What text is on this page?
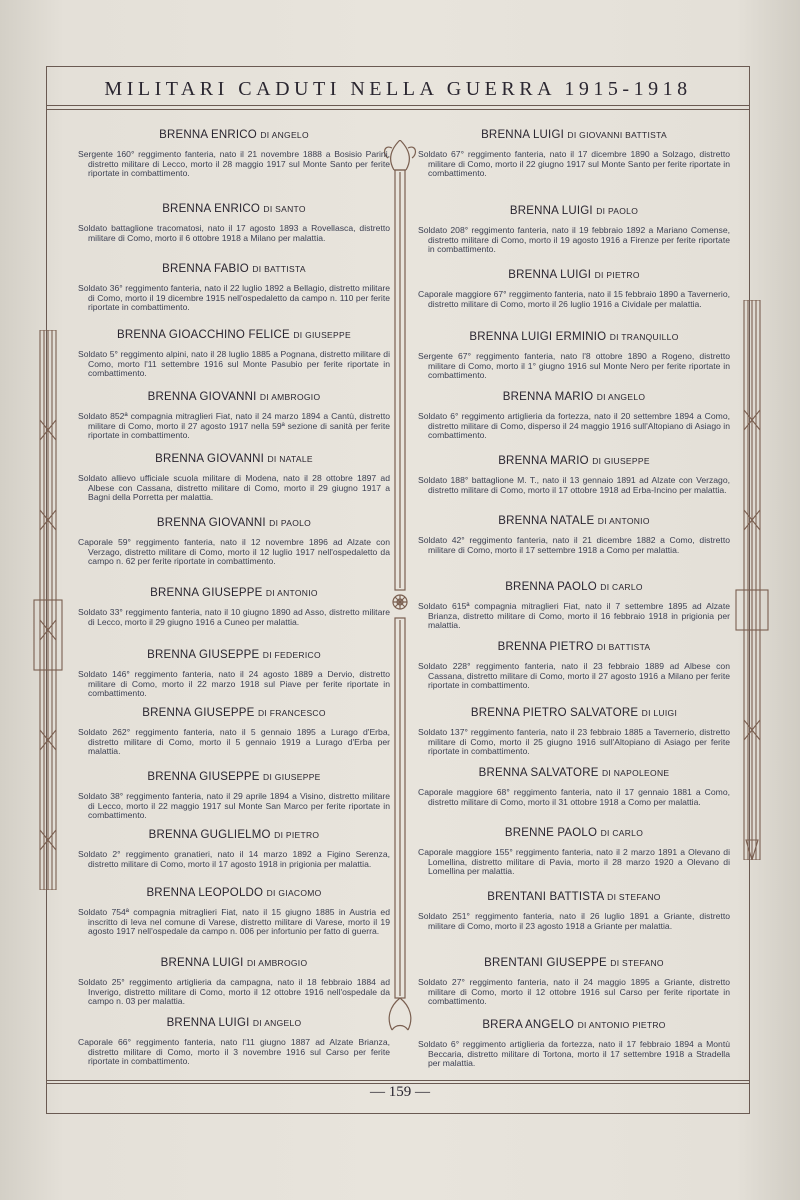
MILITARI CADUTI NELLA GUERRA 1915-1918
BRENNA ENRICO DI ANGELO
Sergente 160° reggimento fanteria, nato il 21 novembre 1888 a Bosisio Parini, distretto militare di Lecco, morto il 28 maggio 1917 sul Monte Santo per ferite riportate in combattimento.
BRENNA ENRICO DI SANTO
Soldato battaglione tracomatosi, nato il 17 agosto 1893 a Rovellasca, distretto militare di Como, morto il 6 ottobre 1918 a Milano per malattia.
BRENNA FABIO DI BATTISTA
Soldato 36° reggimento fanteria, nato il 22 luglio 1892 a Bellagio, distretto militare di Como, morto il 19 dicembre 1915 nell'ospedaletto da campo n. 110 per ferite riportate in combattimento.
BRENNA GIOACCHINO FELICE DI GIUSEPPE
Soldato 5° reggimento alpini, nato il 28 luglio 1885 a Pognana, distretto militare di Como, morto l'11 settembre 1916 sul Monte Pasubio per ferite riportate in combattimento.
BRENNA GIOVANNI DI AMBROGIO
Soldato 852ª compagnia mitraglieri Fiat, nato il 24 marzo 1894 a Cantù, distretto militare di Como, morto il 27 agosto 1917 nella 59ª sezione di sanità per ferite riportate in combattimento.
BRENNA GIOVANNI DI NATALE
Soldato allievo ufficiale scuola militare di Modena, nato il 28 ottobre 1897 ad Albese con Cassana, distretto militare di Como, morto il 29 giugno 1917 a Bagni della Porretta per malattia.
BRENNA GIOVANNI DI PAOLO
Caporale 59° reggimento fanteria, nato il 12 novembre 1896 ad Alzate con Verzago, distretto militare di Como, morto il 12 luglio 1917 nell'ospedaletto da campo n. 62 per ferite riportate in combattimento.
BRENNA GIUSEPPE DI ANTONIO
Soldato 33° reggimento fanteria, nato il 10 giugno 1890 ad Asso, distretto militare di Lecco, morto il 29 giugno 1916 a Cuneo per malattia.
BRENNA GIUSEPPE DI FEDERICO
Soldato 146° reggimento fanteria, nato il 24 agosto 1889 a Dervio, distretto militare di Como, morto il 22 marzo 1918 sul Piave per ferite riportate in combattimento.
BRENNA GIUSEPPE DI FRANCESCO
Soldato 262° reggimento fanteria, nato il 5 gennaio 1895 a Lurago d'Erba, distretto militare di Como, morto il 5 gennaio 1919 a Lurago d'Erba per malattia.
BRENNA GIUSEPPE DI GIUSEPPE
Soldato 38° reggimento fanteria, nato il 29 aprile 1894 a Visino, distretto militare di Lecco, morto il 22 maggio 1917 sul Monte San Marco per ferite riportate in combattimento.
BRENNA GUGLIELMO DI PIETRO
Soldato 2° reggimento granatieri, nato il 14 marzo 1892 a Figino Serenza, distretto militare di Como, morto il 17 agosto 1918 in prigionia per malattia.
BRENNA LEOPOLDO DI GIACOMO
Soldato 754ª compagnia mitraglieri Fiat, nato il 15 giugno 1885 in Austria ed inscritto di leva nel comune di Varese, distretto militare di Varese, morto il 19 agosto 1917 nell'ospedale da campo n. 006 per infortunio per fatto di guerra.
BRENNA LUIGI DI AMBROGIO
Soldato 25° reggimento artiglieria da campagna, nato il 18 febbraio 1884 ad Inverigo, distretto militare di Como, morto il 12 ottobre 1916 nell'ospedale da campo n. 03 per malattia.
BRENNA LUIGI DI ANGELO
Caporale 66° reggimento fanteria, nato l'11 giugno 1887 ad Alzate Brianza, distretto militare di Como, morto il 3 novembre 1916 sul Carso per ferite riportate in combattimento.
BRENNA LUIGI DI GIOVANNI BATTISTA
Soldato 67° reggimento fanteria, nato il 17 dicembre 1890 a Solzago, distretto militare di Como, morto il 22 giugno 1917 sul Monte Santo per ferite riportate in combattimento.
BRENNA LUIGI DI PAOLO
Soldato 208° reggimento fanteria, nato il 19 febbraio 1892 a Mariano Comense, distretto militare di Como, morto il 19 agosto 1916 a Firenze per ferite riportate in combattimento.
BRENNA LUIGI DI PIETRO
Caporale maggiore 67° reggimento fanteria, nato il 15 febbraio 1890 a Tavernerio, distretto militare di Como, morto il 26 luglio 1916 a Cividale per malattia.
BRENNA LUIGI ERMINIO DI TRANQUILLO
Sergente 67° reggimento fanteria, nato l'8 ottobre 1890 a Rogeno, distretto militare di Como, morto il 1° giugno 1916 sul Monte Nero per ferite riportate in combattimento.
BRENNA MARIO DI ANGELO
Soldato 6° reggimento artiglieria da fortezza, nato il 20 settembre 1894 a Como, distretto militare di Como, disperso il 24 maggio 1916 sull'Altopiano di Asiago in combattimento.
BRENNA MARIO DI GIUSEPPE
Soldato 188° battaglione M. T., nato il 13 gennaio 1891 ad Alzate con Verzago, distretto militare di Como, morto il 17 ottobre 1918 ad Erba-Incino per malattia.
BRENNA NATALE DI ANTONIO
Soldato 42° reggimento fanteria, nato il 21 dicembre 1882 a Como, distretto militare di Como, morto il 17 settembre 1918 a Como per malattia.
BRENNA PAOLO DI CARLO
Soldato 615ª compagnia mitraglieri Fiat, nato il 7 settembre 1895 ad Alzate Brianza, distretto militare di Como, morto il 16 febbraio 1918 in prigionia per malattia.
BRENNA PIETRO DI BATTISTA
Soldato 228° reggimento fanteria, nato il 23 febbraio 1889 ad Albese con Cassana, distretto militare di Como, morto il 27 agosto 1916 a Milano per ferite riportate in combattimento.
BRENNA PIETRO SALVATORE DI LUIGI
Soldato 137° reggimento fanteria, nato il 23 febbraio 1885 a Tavernerio, distretto militare di Como, morto il 25 giugno 1916 sull'Altopiano di Asiago per ferite riportate in combattimento.
BRENNA SALVATORE DI NAPOLEONE
Caporale maggiore 68° reggimento fanteria, nato il 17 gennaio 1881 a Como, distretto militare di Como, morto il 31 ottobre 1918 a Como per malattia.
BRENNE PAOLO DI CARLO
Caporale maggiore 155° reggimento fanteria, nato il 2 marzo 1891 a Olevano di Lomellina, distretto militare di Pavia, morto il 28 marzo 1920 a Olevano di Lomellina per malattia.
BRENTANI BATTISTA DI STEFANO
Soldato 251° reggimento fanteria, nato il 26 luglio 1891 a Griante, distretto militare di Como, morto il 23 agosto 1918 a Griante per malattia.
BRENTANI GIUSEPPE DI STEFANO
Soldato 27° reggimento fanteria, nato il 24 maggio 1895 a Griante, distretto militare di Como, morto il 12 ottobre 1916 sul Carso per ferite riportate in combattimento.
BRERA ANGELO DI ANTONIO PIETRO
Soldato 6° reggimento artiglieria da fortezza, nato il 17 febbraio 1894 a Montù Beccaria, distretto militare di Tortona, morto il 17 settembre 1918 a Stradella per malattia.
— 159 —
